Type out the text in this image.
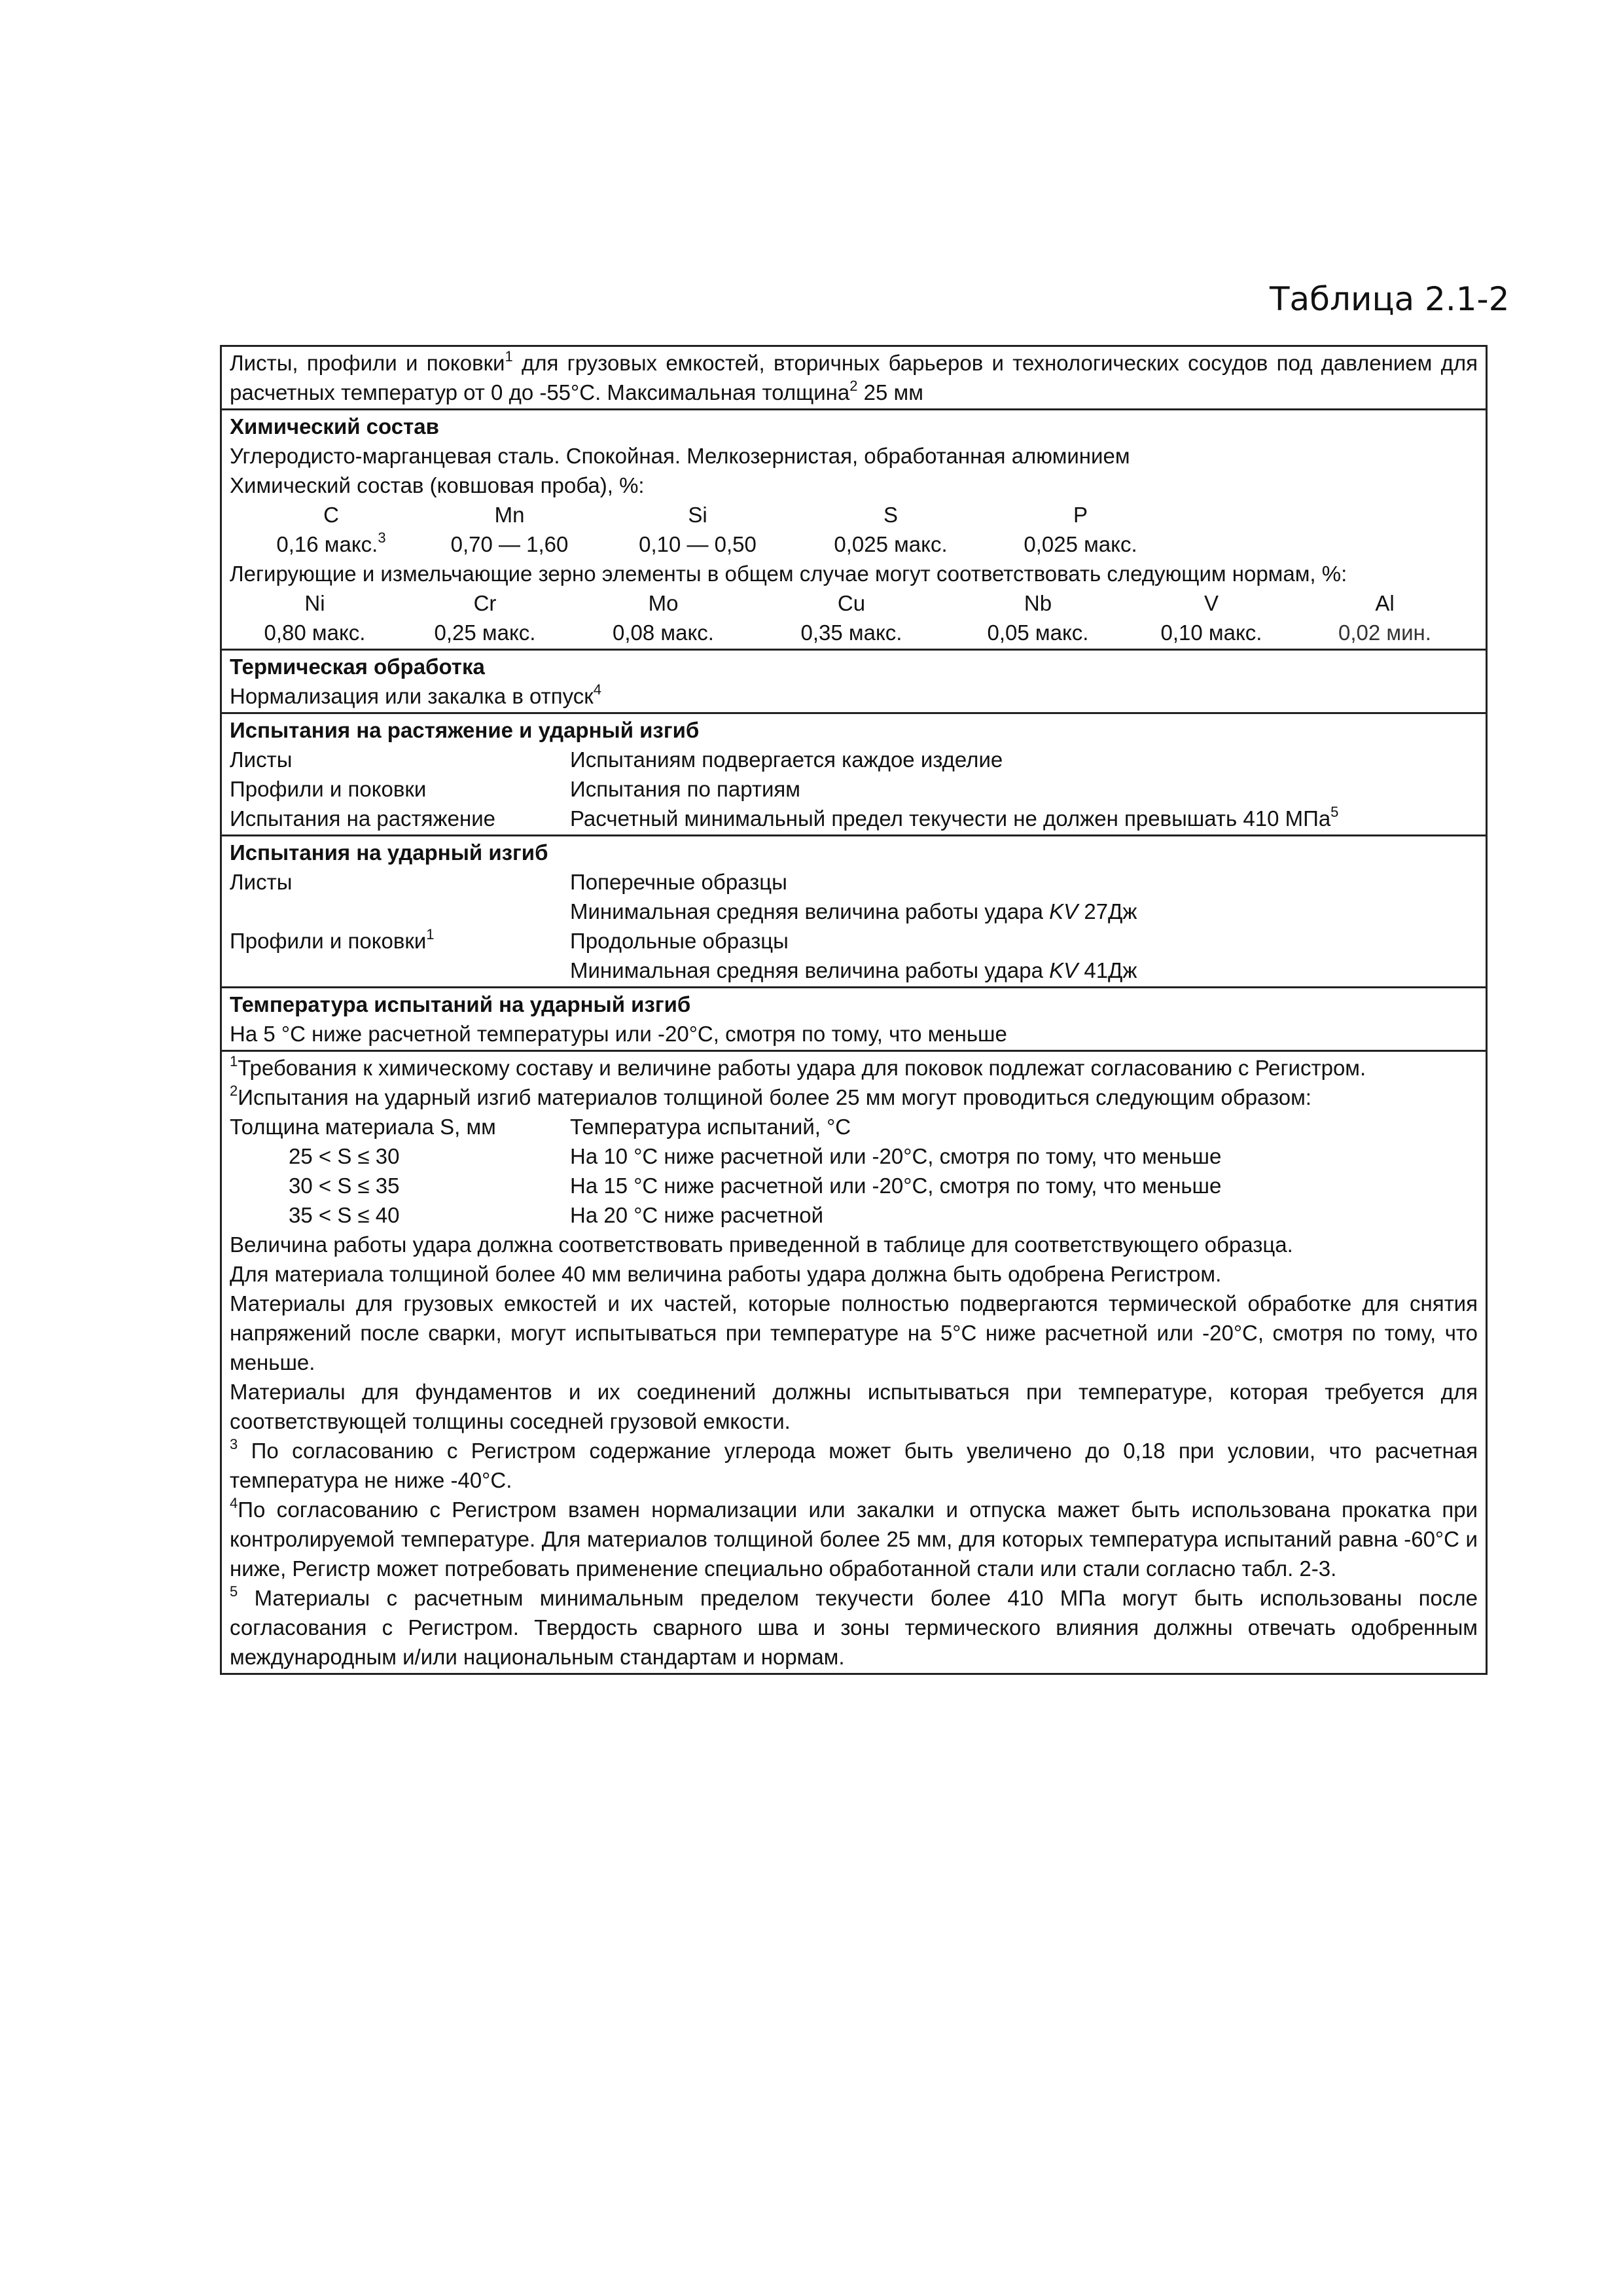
Таблица 2.1-2
Листы, профили и поковки$^1$ для грузовых емкостей, вторичных барьеров и технологических сосудов под давлением для расчетных температур от 0 до -55°С. Максимальная толщина$^2$ 25 мм
Химический состав
Углеродисто-марганцевая сталь. Спокойная. Мелкозернистая, обработанная алюминием
Химический состав (ковшовая проба), %:
C	Mn	Si	S	P
0,16 макс.$^3$	0,70 — 1,60	0,10 — 0,50	0,025 макс.	0,025 макс.
Легирующие и измельчающие зерно элементы в общем случае могут соответствовать следующим нормам, %:
Ni	Cr	Mo	Cu	Nb	V	Al
0,80 макс.	0,25 макс.	0,08 макс.	0,35 макс.	0,05 макс.	0,10 макс.	0,02 мин.
Термическая обработка
Нормализация или закалка в отпуск$^4$
Испытания на растяжение и ударный изгиб
Листы	Испытаниям подвергается каждое изделие
Профили и поковки	Испытания по партиям
Испытания на растяжение	Расчетный минимальный предел текучести не должен превышать 410 МПа$^5$
Испытания на ударный изгиб
Листы	Поперечные образцы
Минимальная средняя величина работы удара KV 27Дж
Профили и поковки$^1$	Продольные образцы
Минимальная средняя величина работы удара KV 41Дж
Температура испытаний на ударный изгиб
На 5 °С ниже расчетной температуры или -20°С, смотря по тому, что меньше
$^1$Требования к химическому составу и величине работы удара для поковок подлежат согласованию с Регистром.
$^2$Испытания на ударный изгиб материалов толщиной более 25 мм могут проводиться следующим образом:
Толщина материала S, мм	Температура испытаний, °С
25 < S ≤ 30	На 10 °С ниже расчетной или -20°С, смотря по тому, что меньше
30 < S ≤ 35	На 15 °С ниже расчетной или -20°С, смотря по тому, что меньше
35 < S ≤ 40	На 20 °С ниже расчетной
Величина работы удара должна соответствовать приведенной в таблице для соответствующего образца.
Для материала толщиной более 40 мм величина работы удара должна быть одобрена Регистром.
Материалы для грузовых емкостей и их частей, которые полностью подвергаются термической обработке для снятия напряжений после сварки, могут испытываться при температуре на 5°С ниже расчетной или -20°С, смотря по тому, что меньше.
Материалы для фундаментов и их соединений должны испытываться при температуре, которая требуется для соответствующей толщины соседней грузовой емкости.
$^3$ По согласованию с Регистром содержание углерода может быть увеличено до 0,18 при условии, что расчетная температура не ниже -40°С.
$^4$По согласованию с Регистром взамен нормализации или закалки и отпуска мажет быть использована прокатка при контролируемой температуре. Для материалов толщиной более 25 мм, для которых температура испытаний равна -60°С и ниже, Регистр может потребовать применение специально обработанной стали или стали согласно табл. 2-3.
$^5$ Материалы с расчетным минимальным пределом текучести более 410 МПа могут быть использованы после согласования с Регистром. Твердость сварного шва и зоны термического влияния должны отвечать одобренным международным и/или национальным стандартам и нормам.
